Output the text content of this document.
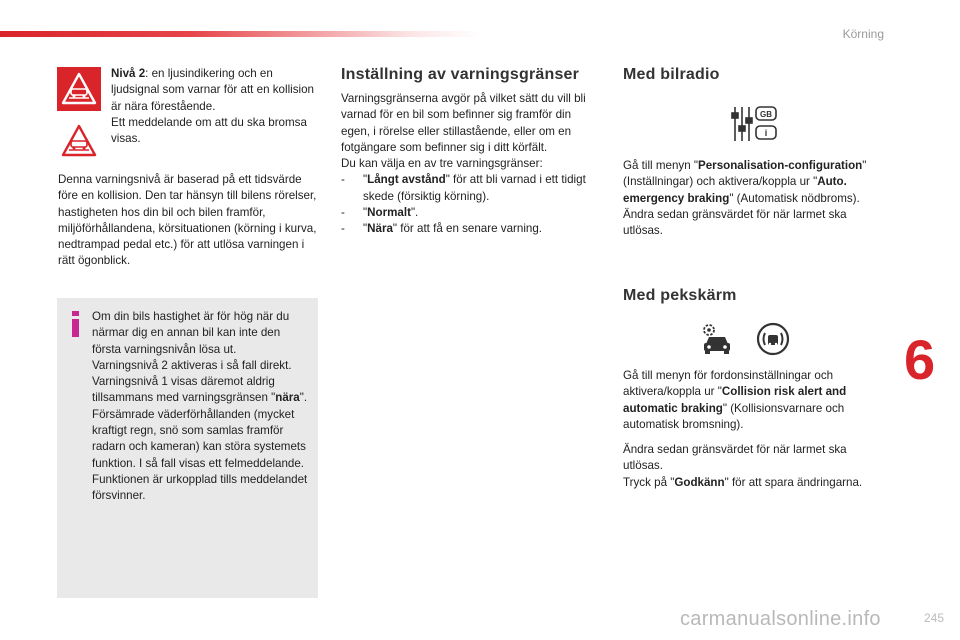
Körning

Nivå 2: en ljusindikering och en ljudsignal som varnar för att en kollision är nära förestående.

Ett meddelande om att du ska bromsa visas.

Denna varningsnivå är baserad på ett tidsvärde före en kollision. Den tar hänsyn till bilens rörelser, hastigheten hos din bil och bilen framför, miljöförhållandena, körsituationen (körning i kurva, nedtrampad pedal etc.) för att utlösa varningen i rätt ögonblick.

Om din bils hastighet är för hög när du närmar dig en annan bil kan inte den första varningsnivån lösa ut.

Varningsnivå 2 aktiveras i så fall direkt. Varningsnivå 1 visas däremot aldrig tillsammans med varningsgränsen "nära".

Försämrade väderförhållanden (mycket kraftigt regn, snö som samlas framför radarn och kameran) kan störa systemets funktion. I så fall visas ett felmeddelande. Funktionen är urkopplad tills meddelandet försvinner.

Inställning av varningsgränser

Varningsgränserna avgör på vilket sätt du vill bli varnad för en bil som befinner sig framför din egen, i rörelse eller stillastående, eller om en fotgängare som befinner sig i ditt körfält.

Du kan välja en av tre varningsgränser:

- "Långt avstånd" för att bli varnad i ett tidigt skede (försiktig körning).
- "Normalt".
- "Nära" för att få en senare varning.
Med bilradio
GB
i

Gå till menyn "Personalisation-configuration" (Inställningar) och aktivera/koppla ur "Auto. emergency braking" (Automatisk nödbroms).

Ändra sedan gränsvärdet för när larmet ska utlösas.

Med pekskärm

Gå till menyn för fordonsinställningar och aktivera/koppla ur "Collision risk alert and automatic braking" (Kollisionsvarnare och automatisk bromsning).

Ändra sedan gränsvärdet för när larmet ska utlösas.

Tryck på "Godkänn" för att spara ändringarna.

6
245
carmanualsonline.info
